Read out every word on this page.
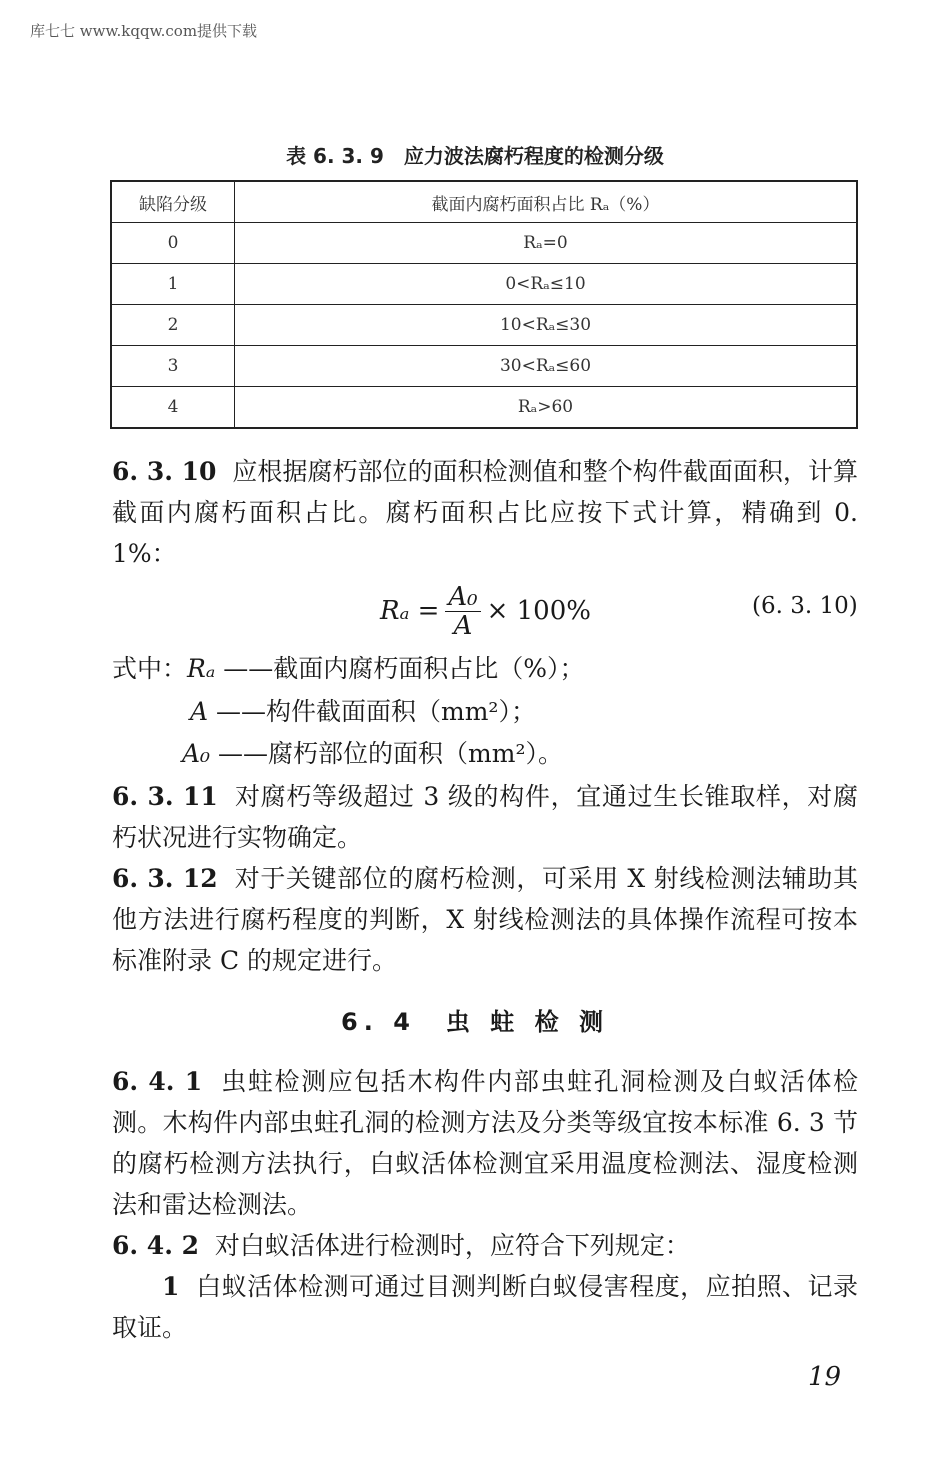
库七七 www.kqqw.com提供下载
表 6. 3. 9　应力波法腐朽程度的检测分级
缺陷分级	截面内腐朽面积占比 Rₐ（%）
0	Rₐ=0
1	0<Rₐ≤10
2	10<Rₐ≤30
3	30<Rₐ≤60
4	Rₐ>60
6. 3. 10 应根据腐朽部位的面积检测值和整个构件截面面积，计算截面内腐朽面积占比。腐朽面积占比应按下式计算，精确到 0. 1%：
$R_a = \frac{\text{A₀}}{A} \times 100\%$	(6. 3. 10)
式中：Rₐ ——截面内腐朽面积占比（%）；
A ——构件截面面积（mm²）；
A₀ ——腐朽部位的面积（mm²）。
6. 3. 11 对腐朽等级超过 3 级的构件，宜通过生长锥取样，对腐朽状况进行实物确定。
6. 3. 12 对于关键部位的腐朽检测，可采用 X 射线检测法辅助其他方法进行腐朽程度的判断，X 射线检测法的具体操作流程可按本标准附录 C 的规定进行。
6. 4　虫 蛀 检 测
6. 4. 1 虫蛀检测应包括木构件内部虫蛀孔洞检测及白蚁活体检测。木构件内部虫蛀孔洞的检测方法及分类等级宜按本标准 6. 3 节的腐朽检测方法执行，白蚁活体检测宜采用温度检测法、湿度检测法和雷达检测法。
6. 4. 2 对白蚁活体进行检测时，应符合下列规定：
1 白蚁活体检测可通过目测判断白蚁侵害程度，应拍照、记录取证。
19
